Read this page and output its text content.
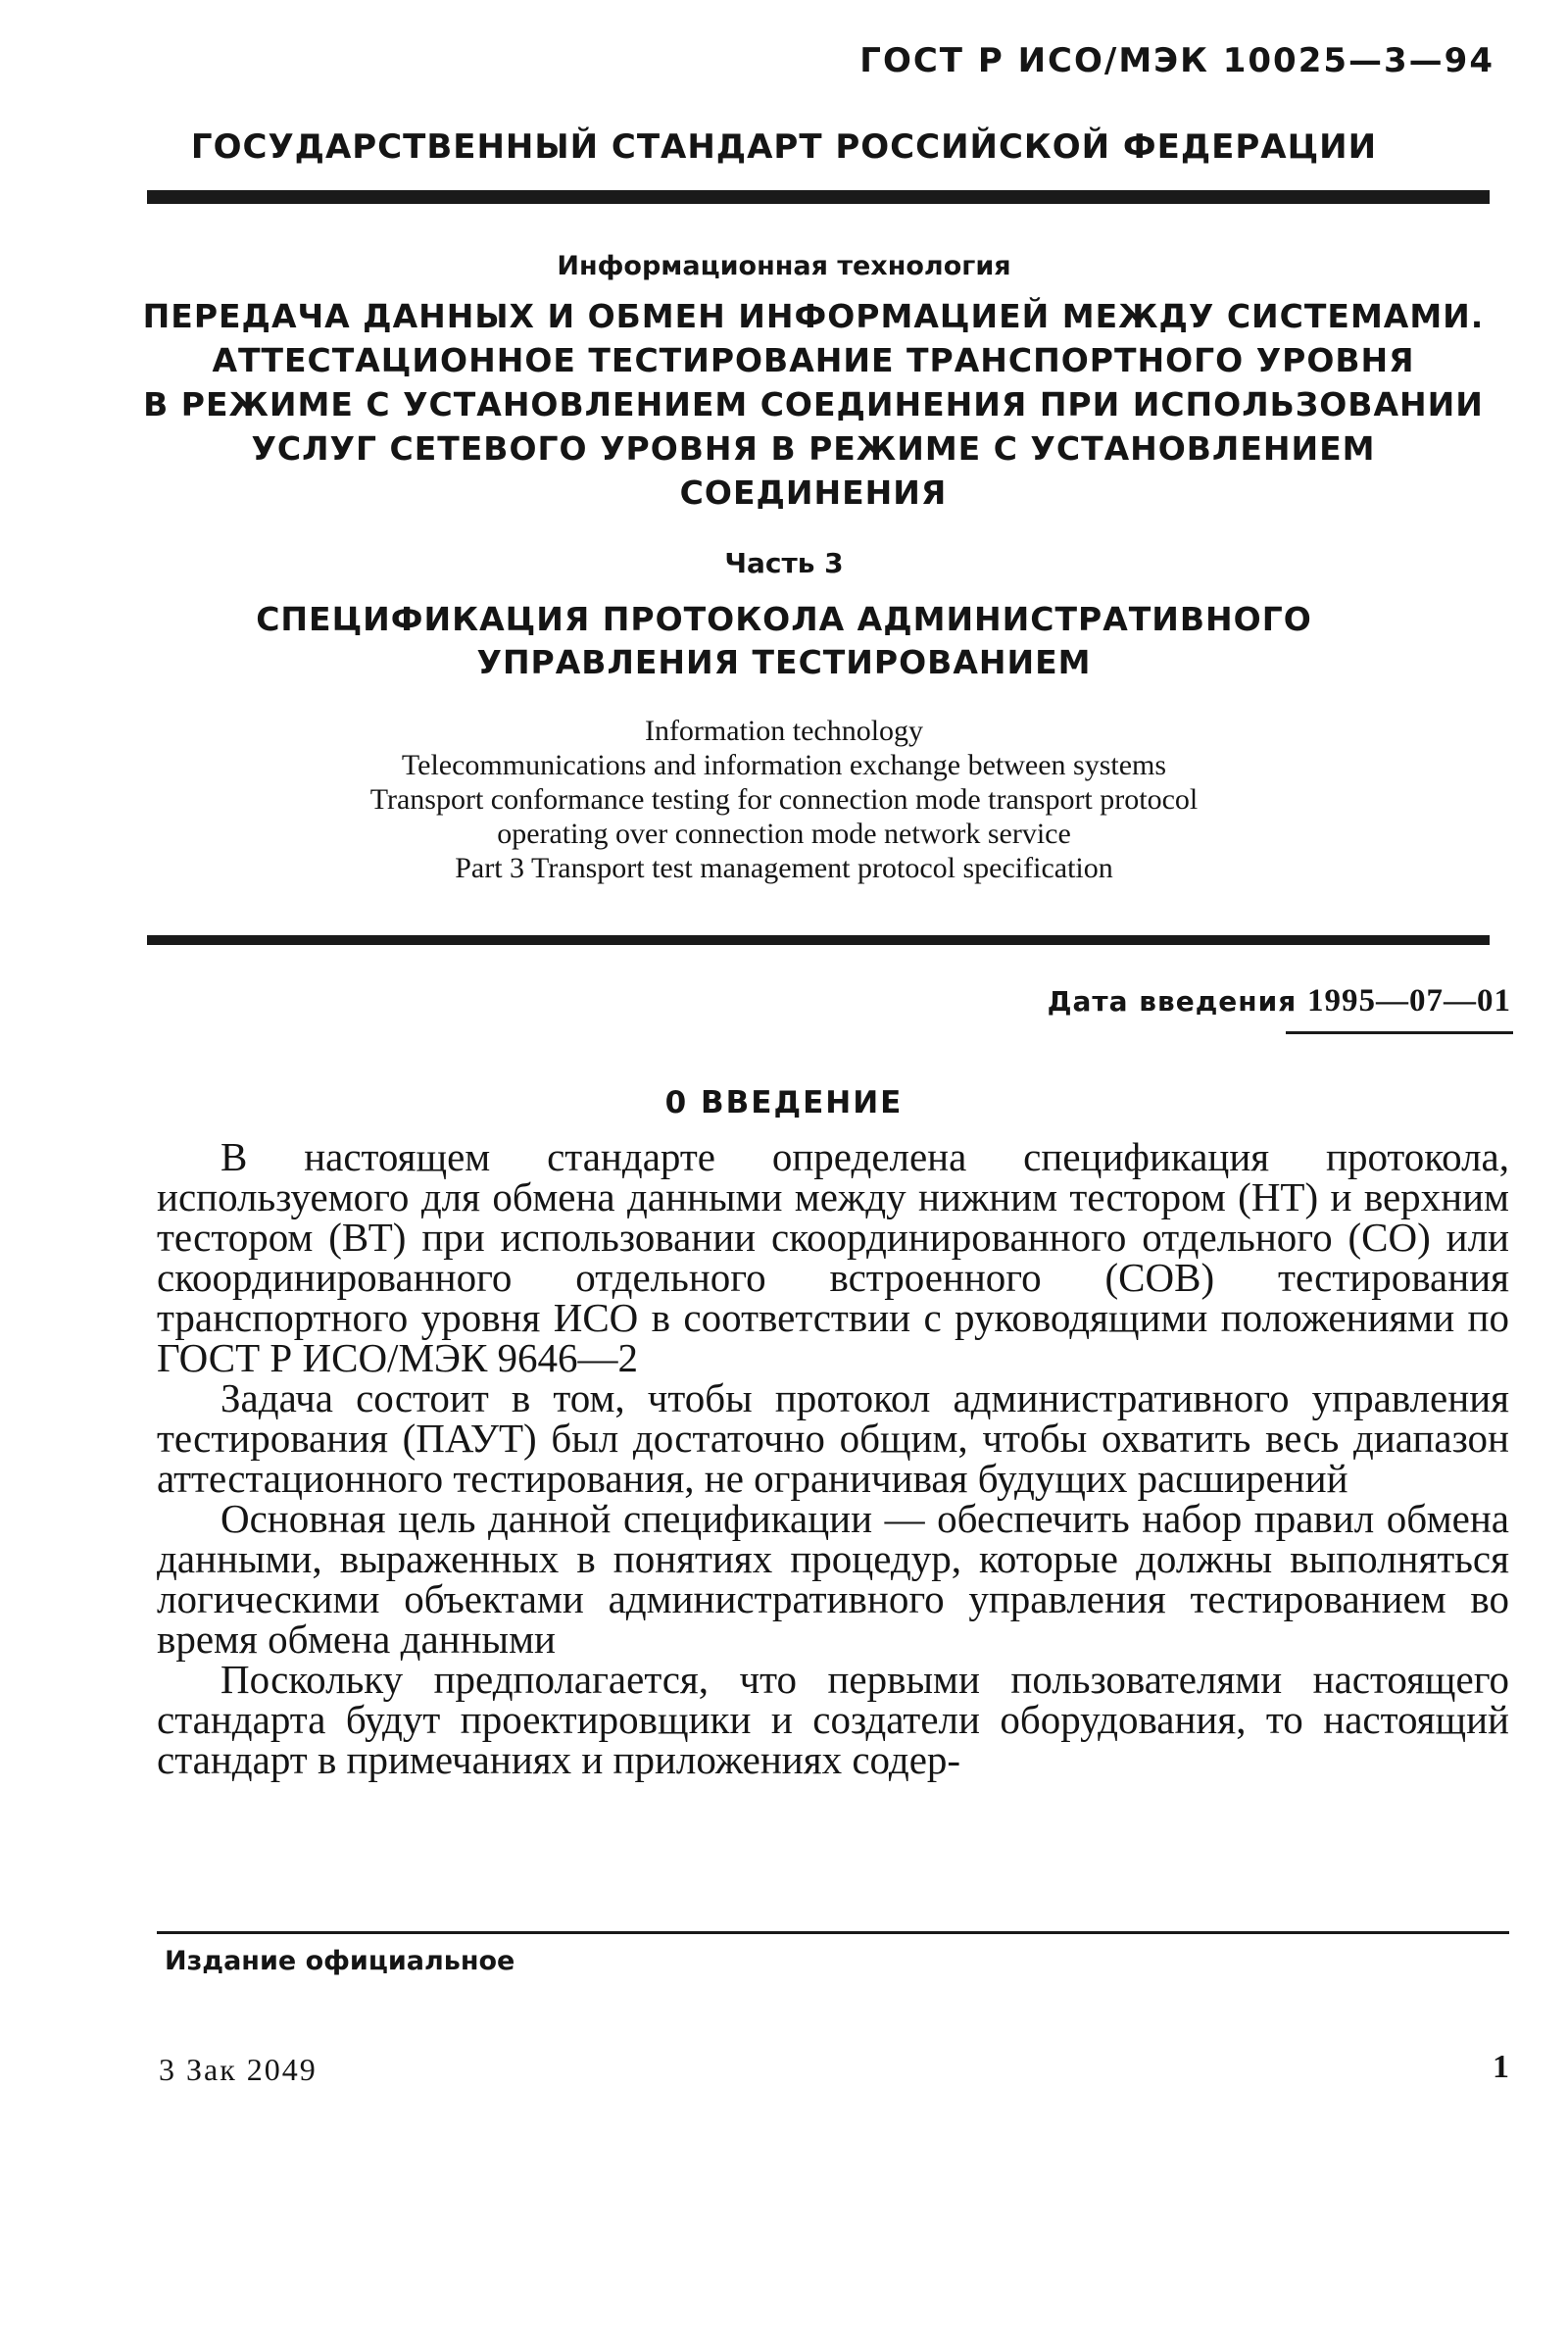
ГОСТ Р ИСО/МЭК 10025—3—94
ГОСУДАРСТВЕННЫЙ СТАНДАРТ РОССИЙСКОЙ ФЕДЕРАЦИИ
Информационная технология
ПЕРЕДАЧА ДАННЫХ И ОБМЕН ИНФОРМАЦИЕЙ МЕЖДУ СИСТЕМАМИ.
АТТЕСТАЦИОННОЕ ТЕСТИРОВАНИЕ ТРАНСПОРТНОГО УРОВНЯ
В РЕЖИМЕ С УСТАНОВЛЕНИЕМ СОЕДИНЕНИЯ ПРИ ИСПОЛЬЗОВАНИИ
УСЛУГ СЕТЕВОГО УРОВНЯ В РЕЖИМЕ С УСТАНОВЛЕНИЕМ
СОЕДИНЕНИЯ
Часть 3
СПЕЦИФИКАЦИЯ ПРОТОКОЛА АДМИНИСТРАТИВНОГО
УПРАВЛЕНИЯ ТЕСТИРОВАНИЕМ
Information technology
Telecommunications and information exchange between systems
Transport conformance testing for connection mode transport protocol
operating over connection mode network service
Part 3 Transport test management protocol specification
Дата введения 1995—07—01
0 ВВЕДЕНИЕ

В настоящем стандарте определена спецификация протокола, используемого для обмена данными между нижним тестором (НТ) и верхним тестором (ВТ) при использовании скоординированного отдельного (СО) или скоординированного отдельного встроенного (СОВ) тестирования транспортного уровня ИСО в соответствии с руководящими положениями по ГОСТ Р ИСО/МЭК 9646—2

Задача состоит в том, чтобы протокол административного управления тестирования (ПАУТ) был достаточно общим, чтобы охватить весь диапазон аттестационного тестирования, не ограничивая будущих расширений

Основная цель данной спецификации — обеспечить набор правил обмена данными, выраженных в понятиях процедур, которые должны выполняться логическими объектами административного управления тестированием во время обмена данными

Поскольку предполагается, что первыми пользователями настоящего стандарта будут проектировщики и создатели оборудования, то настоящий стандарт в примечаниях и приложениях содер-

Издание официальное
3 Зак 2049	1
